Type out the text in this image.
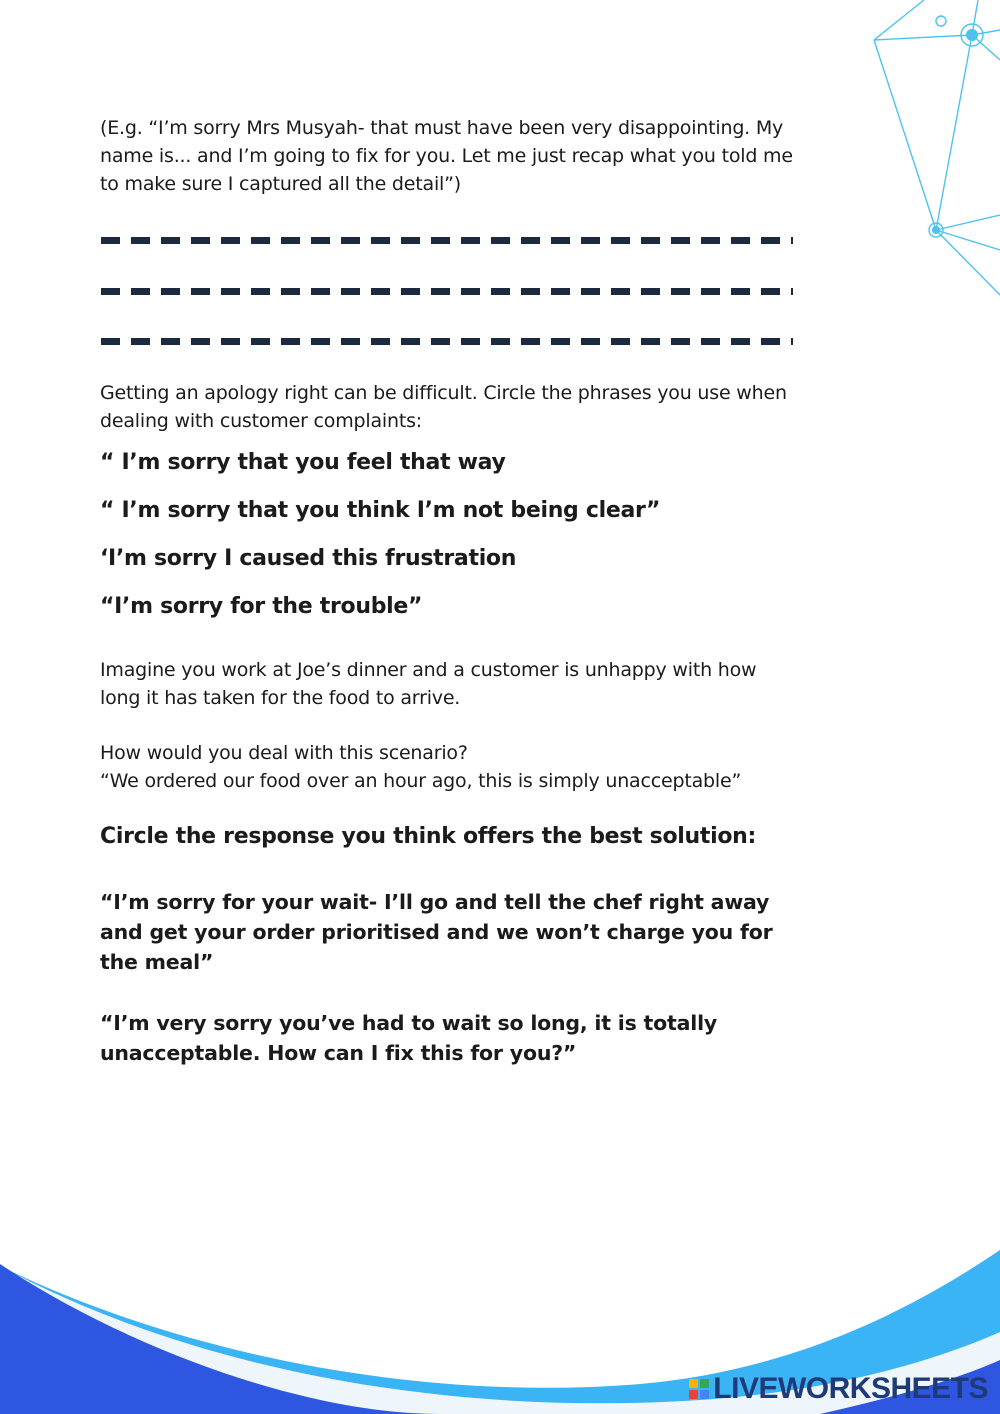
(E.g. “I’m sorry Mrs Musyah- that must have been very disappointing. My name is... and I’m going to fix for you. Let me just recap what you told me to make sure I captured all the detail”)

Getting an apology right can be difficult. Circle the phrases you use when dealing with customer complaints:

“ I’m sorry that you feel that way

“ I’m sorry that you think I’m not being clear”

‘I’m sorry I caused this frustration

“I’m sorry for the trouble”

Imagine you work at Joe’s dinner and a customer is unhappy with how long it has taken for the food to arrive.

How would you deal with this scenario?

“We ordered our food over an hour ago, this is simply unacceptable”

Circle the response you think offers the best solution:

“I’m sorry for your wait- I’ll go and tell the chef right away and get your order prioritised and we won’t charge you for the meal”

“I’m very sorry you’ve had to wait so long, it is totally unacceptable. How can I fix this for you?”

LIVEWORKSHEETS
